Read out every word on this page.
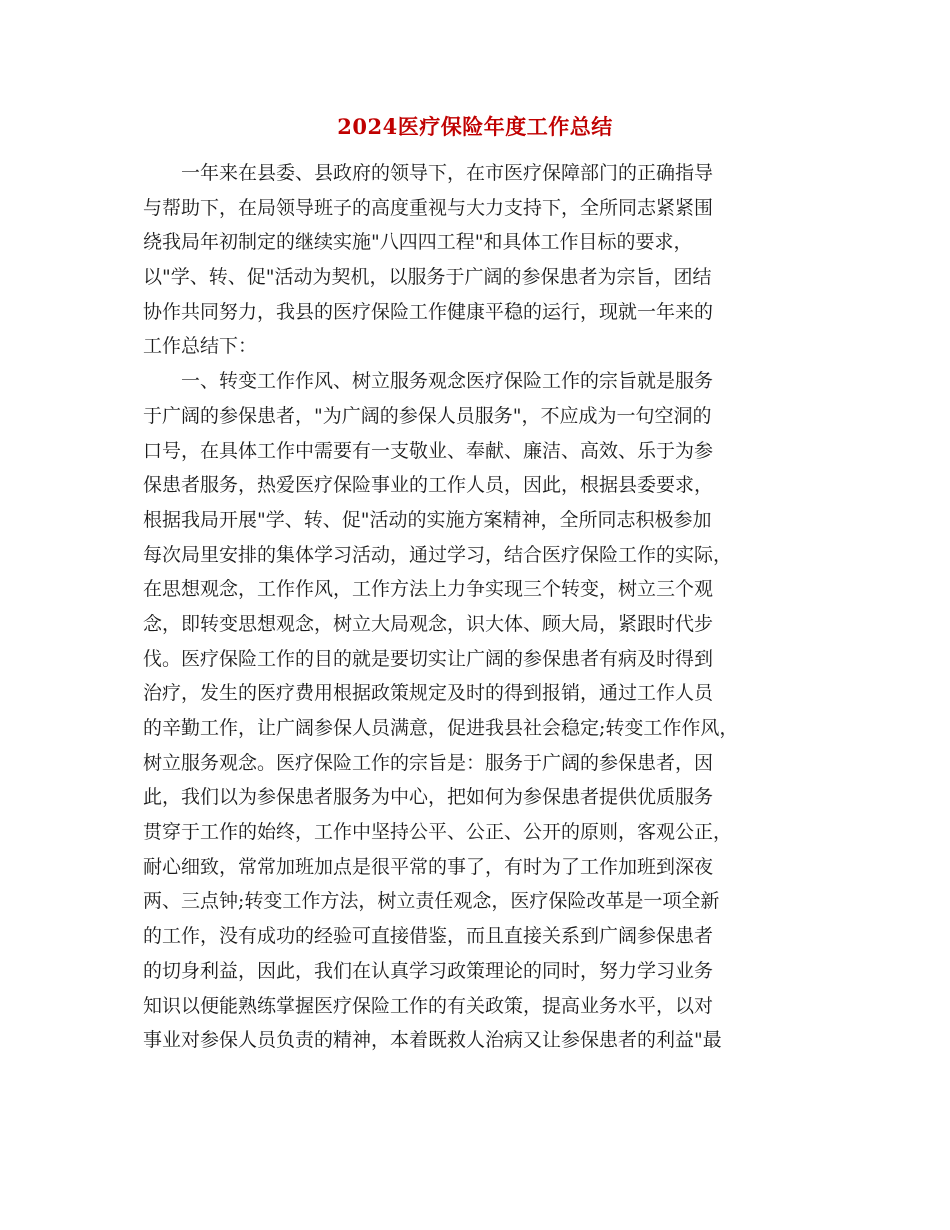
2024医疗保险年度工作总结
一年来在县委、县政府的领导下，在市医疗保障部门的正确指导
与帮助下，在局领导班子的高度重视与大力支持下，全所同志紧紧围
绕我局年初制定的继续实施"八四四工程"和具体工作目标的要求，
以"学、转、促"活动为契机，以服务于广阔的参保患者为宗旨，团结
协作共同努力，我县的医疗保险工作健康平稳的运行，现就一年来的
工作总结下：
一、转变工作作风、树立服务观念医疗保险工作的宗旨就是服务
于广阔的参保患者，"为广阔的参保人员服务"，不应成为一句空洞的
口号，在具体工作中需要有一支敬业、奉献、廉洁、高效、乐于为参
保患者服务，热爱医疗保险事业的工作人员，因此，根据县委要求，
根据我局开展"学、转、促"活动的实施方案精神，全所同志积极参加
每次局里安排的集体学习活动，通过学习，结合医疗保险工作的实际，
在思想观念，工作作风，工作方法上力争实现三个转变，树立三个观
念，即转变思想观念，树立大局观念，识大体、顾大局，紧跟时代步
伐。医疗保险工作的目的就是要切实让广阔的参保患者有病及时得到
治疗，发生的医疗费用根据政策规定及时的得到报销，通过工作人员
的辛勤工作，让广阔参保人员满意，促进我县社会稳定;转变工作作风，
树立服务观念。医疗保险工作的宗旨是：服务于广阔的参保患者，因
此，我们以为参保患者服务为中心，把如何为参保患者提供优质服务
贯穿于工作的始终，工作中坚持公平、公正、公开的原则，客观公正，
耐心细致，常常加班加点是很平常的事了，有时为了工作加班到深夜
两、三点钟;转变工作方法，树立责任观念，医疗保险改革是一项全新
的工作，没有成功的经验可直接借鉴，而且直接关系到广阔参保患者
的切身利益，因此，我们在认真学习政策理论的同时，努力学习业务
知识以便能熟练掌握医疗保险工作的有关政策，提高业务水平，以对
事业对参保人员负责的精神，本着既救人治病又让参保患者的利益"最
